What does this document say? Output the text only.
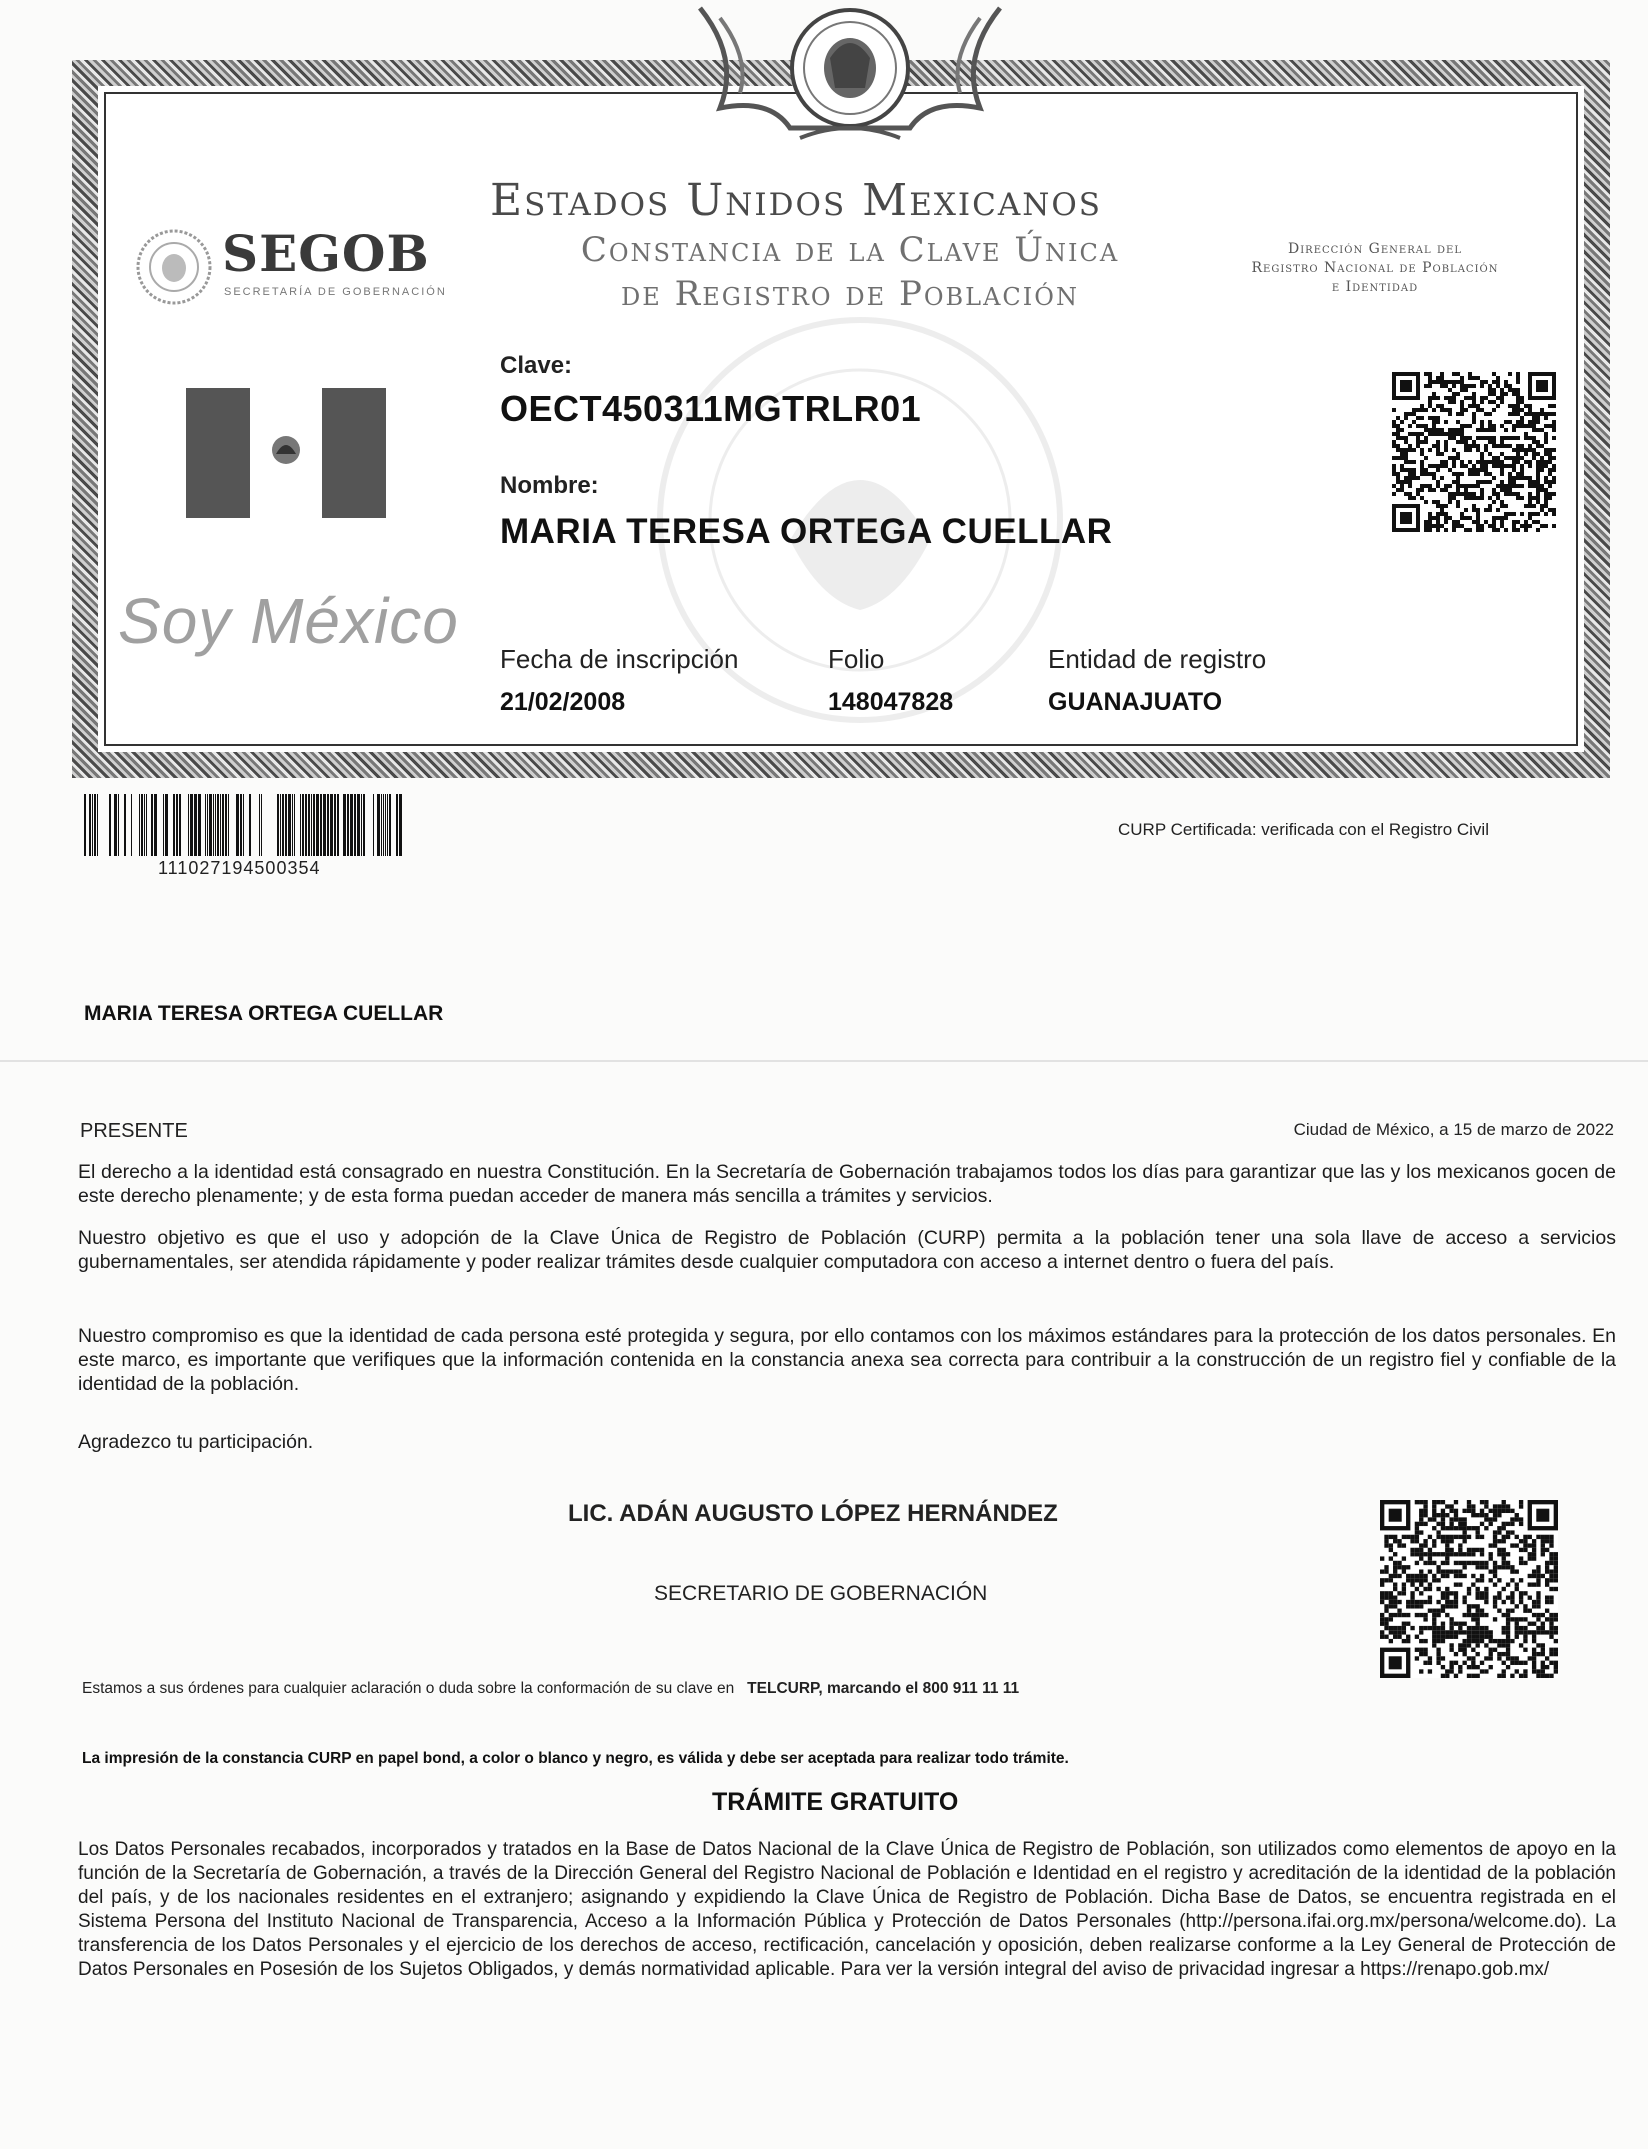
SEGOB
SECRETARÍA DE GOBERNACIÓN
Estados Unidos Mexicanos
Constancia de la Clave Única
de Registro de Población
Dirección General del
Registro Nacional de Población
e Identidad
Soy México
Clave:
OECT450311MGTRLR01
Nombre:
MARIA TERESA ORTEGA CUELLAR
Fecha de inscripción
21/02/2008
Folio
148047828
Entidad de registro
GUANAJUATO
111027194500354
CURP Certificada: verificada con el Registro Civil
MARIA TERESA ORTEGA CUELLAR
PRESENTE	Ciudad de México, a 15 de marzo de 2022
El derecho a la identidad está consagrado en nuestra Constitución. En la Secretaría de Gobernación trabajamos todos los días para garantizar que las y los mexicanos gocen de este derecho plenamente; y de esta forma puedan acceder de manera más sencilla a trámites y servicios.
Nuestro objetivo es que el uso y adopción de la Clave Única de Registro de Población (CURP) permita a la población tener una sola llave de acceso a servicios gubernamentales, ser atendida rápidamente y poder realizar trámites desde cualquier computadora con acceso a internet dentro o fuera del país.
Nuestro compromiso es que la identidad de cada persona esté protegida y segura, por ello contamos con los máximos estándares para la protección de los datos personales. En este marco, es importante que verifiques que la información contenida en la constancia anexa sea correcta para contribuir a la construcción de un registro fiel y confiable de la identidad de la población.
Agradezco tu participación.
LIC. ADÁN AUGUSTO LÓPEZ HERNÁNDEZ
SECRETARIO DE GOBERNACIÓN
Estamos a sus órdenes para cualquier aclaración o duda sobre la conformación de su clave en TELCURP, marcando el 800 911 11 11
La impresión de la constancia CURP en papel bond, a color o blanco y negro, es válida y debe ser aceptada para realizar todo trámite.
TRÁMITE GRATUITO
Los Datos Personales recabados, incorporados y tratados en la Base de Datos Nacional de la Clave Única de Registro de Población, son utilizados como elementos de apoyo en la función de la Secretaría de Gobernación, a través de la Dirección General del Registro Nacional de Población e Identidad en el registro y acreditación de la identidad de la población del país, y de los nacionales residentes en el extranjero; asignando y expidiendo la Clave Única de Registro de Población. Dicha Base de Datos, se encuentra registrada en el Sistema Persona del Instituto Nacional de Transparencia, Acceso a la Información Pública y Protección de Datos Personales (http://persona.ifai.org.mx/persona/welcome.do). La transferencia de los Datos Personales y el ejercicio de los derechos de acceso, rectificación, cancelación y oposición, deben realizarse conforme a la Ley General de Protección de Datos Personales en Posesión de los Sujetos Obligados, y demás normatividad aplicable. Para ver la versión integral del aviso de privacidad ingresar a https://renapo.gob.mx/
